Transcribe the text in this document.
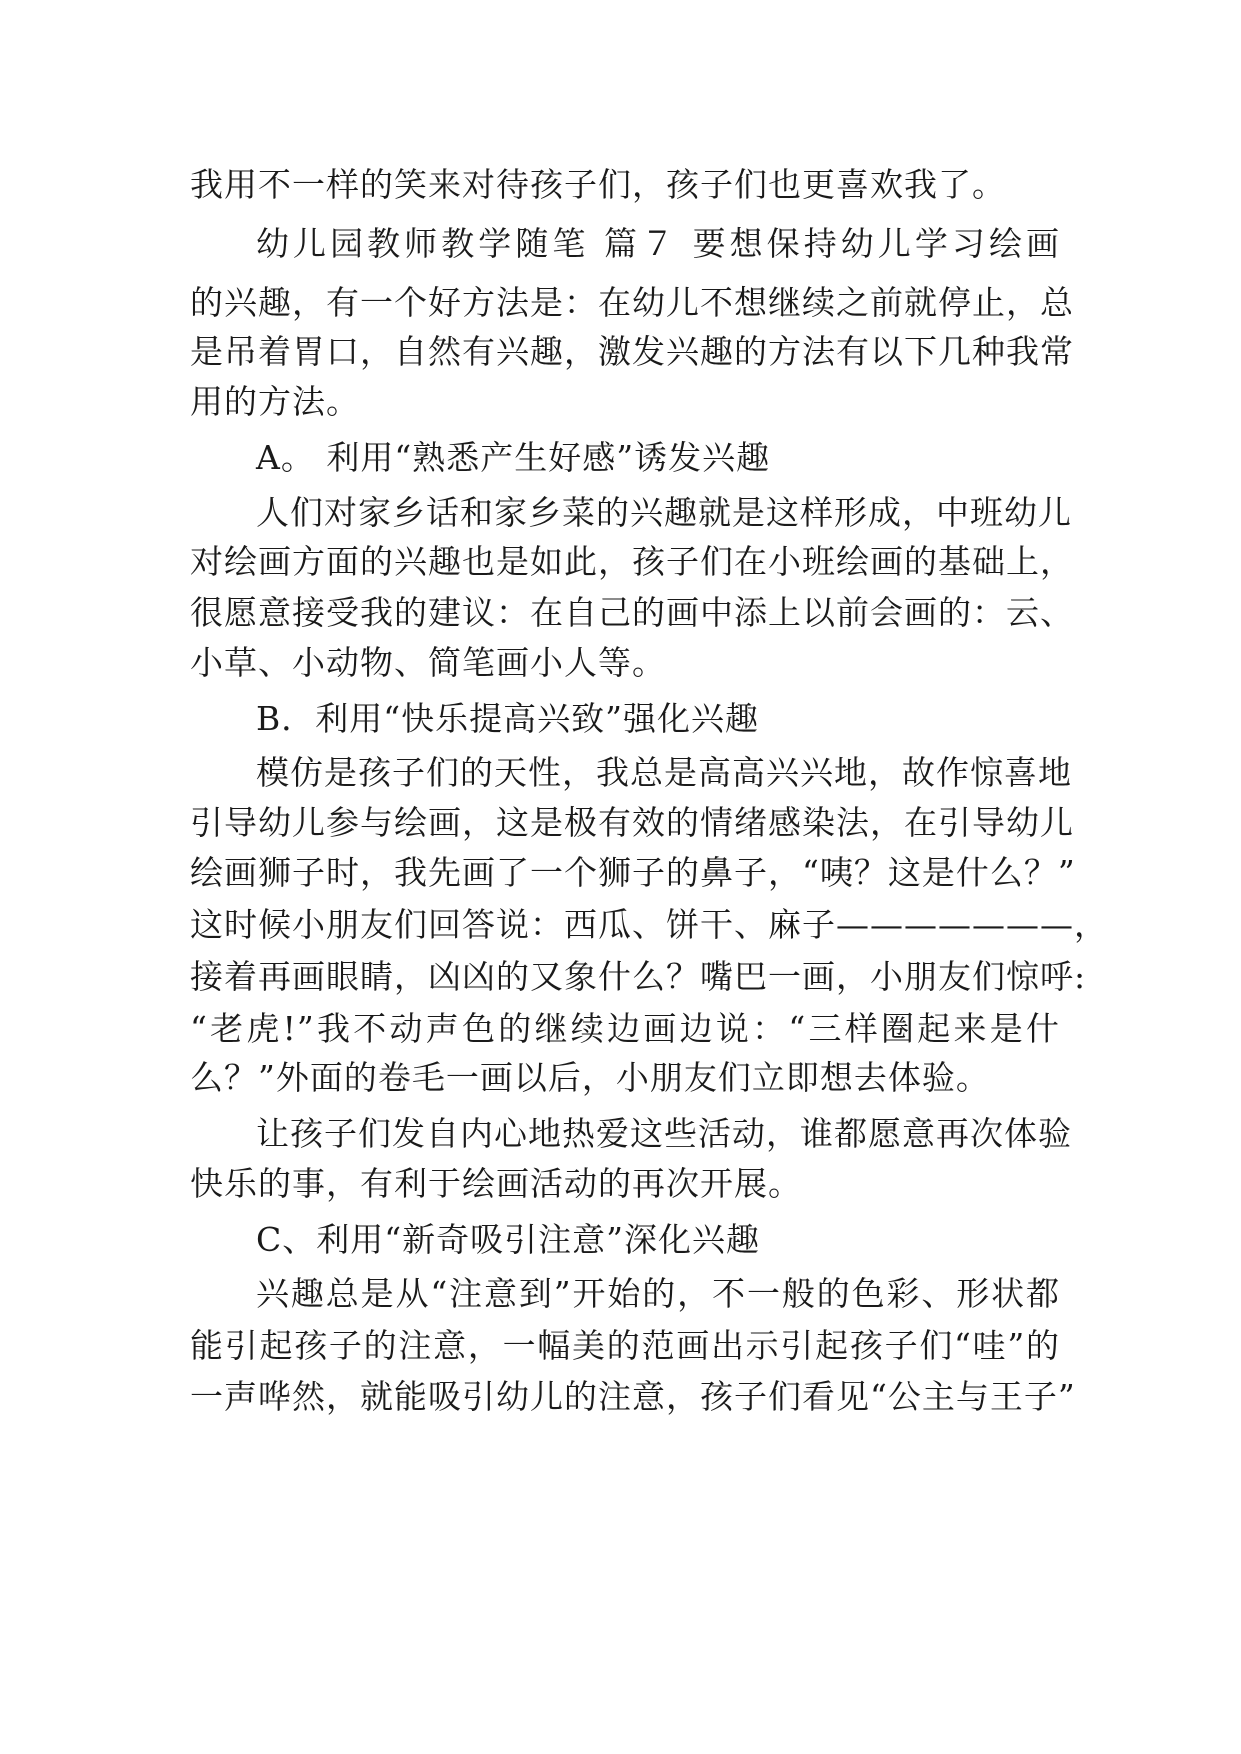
我用不一样的笑来对待孩子们，孩子们也更喜欢我了。
幼儿园教师教学随笔 篇７ 要想保持幼儿学习绘画
的兴趣，有一个好方法是：在幼儿不想继续之前就停止，总
是吊着胃口，自然有兴趣，激发兴趣的方法有以下几种我常
用的方法。
A。 利用“熟悉产生好感”诱发兴趣
人们对家乡话和家乡菜的兴趣就是这样形成，中班幼儿
对绘画方面的兴趣也是如此，孩子们在小班绘画的基础上，
很愿意接受我的建议：在自己的画中添上以前会画的：云、
小草、小动物、简笔画小人等。
B．利用“快乐提高兴致”强化兴趣
模仿是孩子们的天性，我总是高高兴兴地，故作惊喜地
引导幼儿参与绘画，这是极有效的情绪感染法，在引导幼儿
绘画狮子时，我先画了一个狮子的鼻子，“咦？这是什么？”
这时候小朋友们回答说：西瓜、饼干、麻子———————，
接着再画眼睛，凶凶的又象什么？嘴巴一画，小朋友们惊呼:
“老虎!”我不动声色的继续边画边说：“三样圈起来是什
么？”外面的卷毛一画以后，小朋友们立即想去体验。
让孩子们发自内心地热爱这些活动，谁都愿意再次体验
快乐的事，有利于绘画活动的再次开展。
C、利用“新奇吸引注意”深化兴趣
兴趣总是从“注意到”开始的，不一般的色彩、形状都
能引起孩子的注意，一幅美的范画出示引起孩子们“哇”的
一声哗然，就能吸引幼儿的注意，孩子们看见“公主与王子”
